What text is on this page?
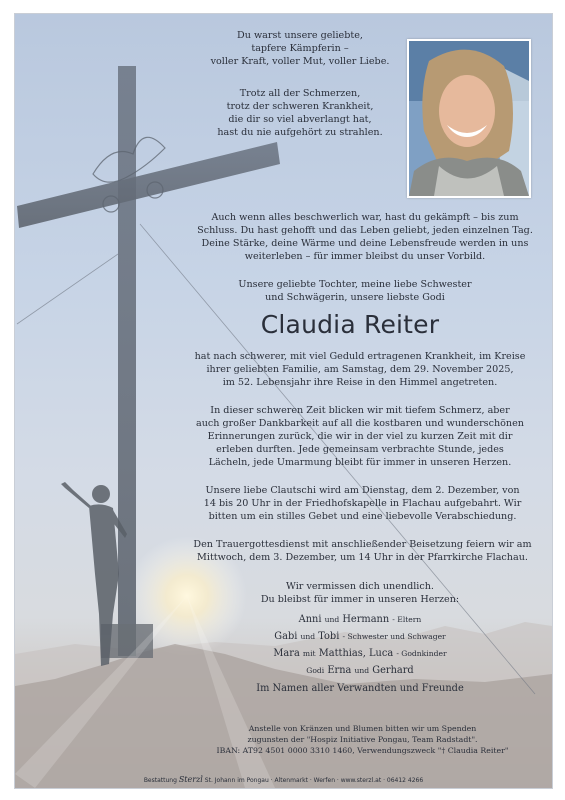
Du warst unsere geliebte,
tapfere Kämpferin –
voller Kraft, voller Mut, voller Liebe.
Trotz all der Schmerzen,
trotz der schweren Krankheit,
die dir so viel abverlangt hat,
hast du nie aufgehört zu strahlen.
Auch wenn alles beschwerlich war, hast du gekämpft – bis zum
Schluss. Du hast gehofft und das Leben geliebt, jeden einzelnen Tag.
Deine Stärke, deine Wärme und deine Lebensfreude werden in uns
weiterleben – für immer bleibst du unser Vorbild.
Unsere geliebte Tochter, meine liebe Schwester
und Schwägerin, unsere liebste Godi
Claudia Reiter
hat nach schwerer, mit viel Geduld ertragenen Krankheit, im Kreise
ihrer geliebten Familie, am Samstag, dem 29. November 2025,
im 52. Lebensjahr ihre Reise in den Himmel angetreten.
In dieser schweren Zeit blicken wir mit tiefem Schmerz, aber
auch großer Dankbarkeit auf all die kostbaren und wunderschönen
Erinnerungen zurück, die wir in der viel zu kurzen Zeit mit dir
erleben durften. Jede gemeinsam verbrachte Stunde, jedes
Lächeln, jede Umarmung bleibt für immer in unseren Herzen.
Unsere liebe Clautschi wird am Dienstag, dem 2. Dezember, von
14 bis 20 Uhr in der Friedhofskapelle in Flachau aufgebahrt. Wir
bitten um ein stilles Gebet und eine liebevolle Verabschiedung.
Den Trauergottesdienst mit anschließender Beisetzung feiern wir am
Mittwoch, dem 3. Dezember, um 14 Uhr in der Pfarrkirche Flachau.
Wir vermissen dich unendlich.
Du bleibst für immer in unseren Herzen:
Anni und Hermann - Eltern
Gabi und Tobi - Schwester und Schwager
Mara mit Matthias, Luca - Godnkinder
Godi Erna und Gerhard
Im Namen aller Verwandten und Freunde
Anstelle von Kränzen und Blumen bitten wir um Spenden
zugunsten der "Hospiz Initiative Pongau, Team Radstadt".
IBAN: AT92 4501 0000 3310 1460, Verwendungszweck "† Claudia Reiter"
Bestattung Sterzl St. Johann im Pongau · Altenmarkt · Werfen · www.sterzl.at · 06412 4266
